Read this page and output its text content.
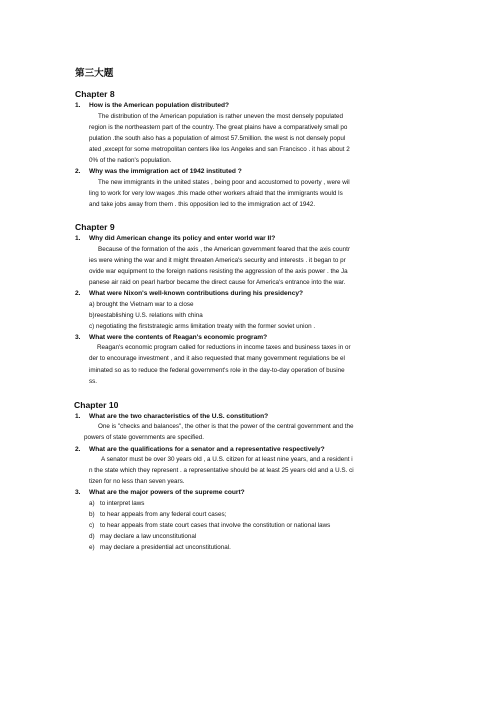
第三大题
Chapter 8
1.	How is the American population distributed?
The distribution of the American population is rather uneven the most densely populated
region is the northeastern part of the country. The great plains have a comparatively small po
pulation .the south also has a population of almost 57.5million. the west is not densely popul
ated ,except for some metropolitan centers like los Angeles and san Francisco . it has about 2
0% of the nation's population.
2.	Why was the immigration act of 1942 instituted ?
The new immigrants in the united states , being poor and accustomed to poverty , were wil
ling to work for very low wages .this made other workers afraid that the immigrants would ls
and take jobs away from them . this opposition led to the immigration act of 1942.
Chapter 9
1.	Why did American change its policy and enter world war II?
Because of the formation of the axis , the American government feared that the axis countr
ies were wining the war and it might threaten America's security and interests . it began to pr
ovide war equipment to the foreign nations resisting the aggression of the axis power . the Ja
panese air raid on pearl harbor became the direct cause for America's entrance into the war.
2.	What were Nixon's well-known contributions during his presidency?
a) brought the Vietnam war to a close
b)reestablishing U.S. relations with china
c) negotiating the firststrategic arms limitation treaty with the former soviet union .
3.	What were the contents of Reagan's economic program?
Reagan's economic program called for reductions in income taxes and business taxes in or
der to encourage investment , and it also requested that many government regulations be el
iminated so as to reduce the federal government's role in the day-to-day operation of busine
ss.
Chapter 10
1.	What are the two characteristics of the U.S. constitution?
One is "checks and balances", the other is that the power of the central government and the
powers of state governments are specified.
2.	What are the qualifications for a senator and a representative respectively?
A senator must be over 30 years old , a U.S. citizen for at least nine years, and a resident i
n the state which they represent . a representative should be at least 25 years old and a U.S. ci
tizen for no less than seven years.
3.	What are the major powers of the supreme court?
a) to interpret laws
b) to hear appeals from any federal court cases;
c) to hear appeals from state court cases that involve the constitution or national laws
d) may declare a law unconstitutional
e) may declare a presidential act unconstitutional.
